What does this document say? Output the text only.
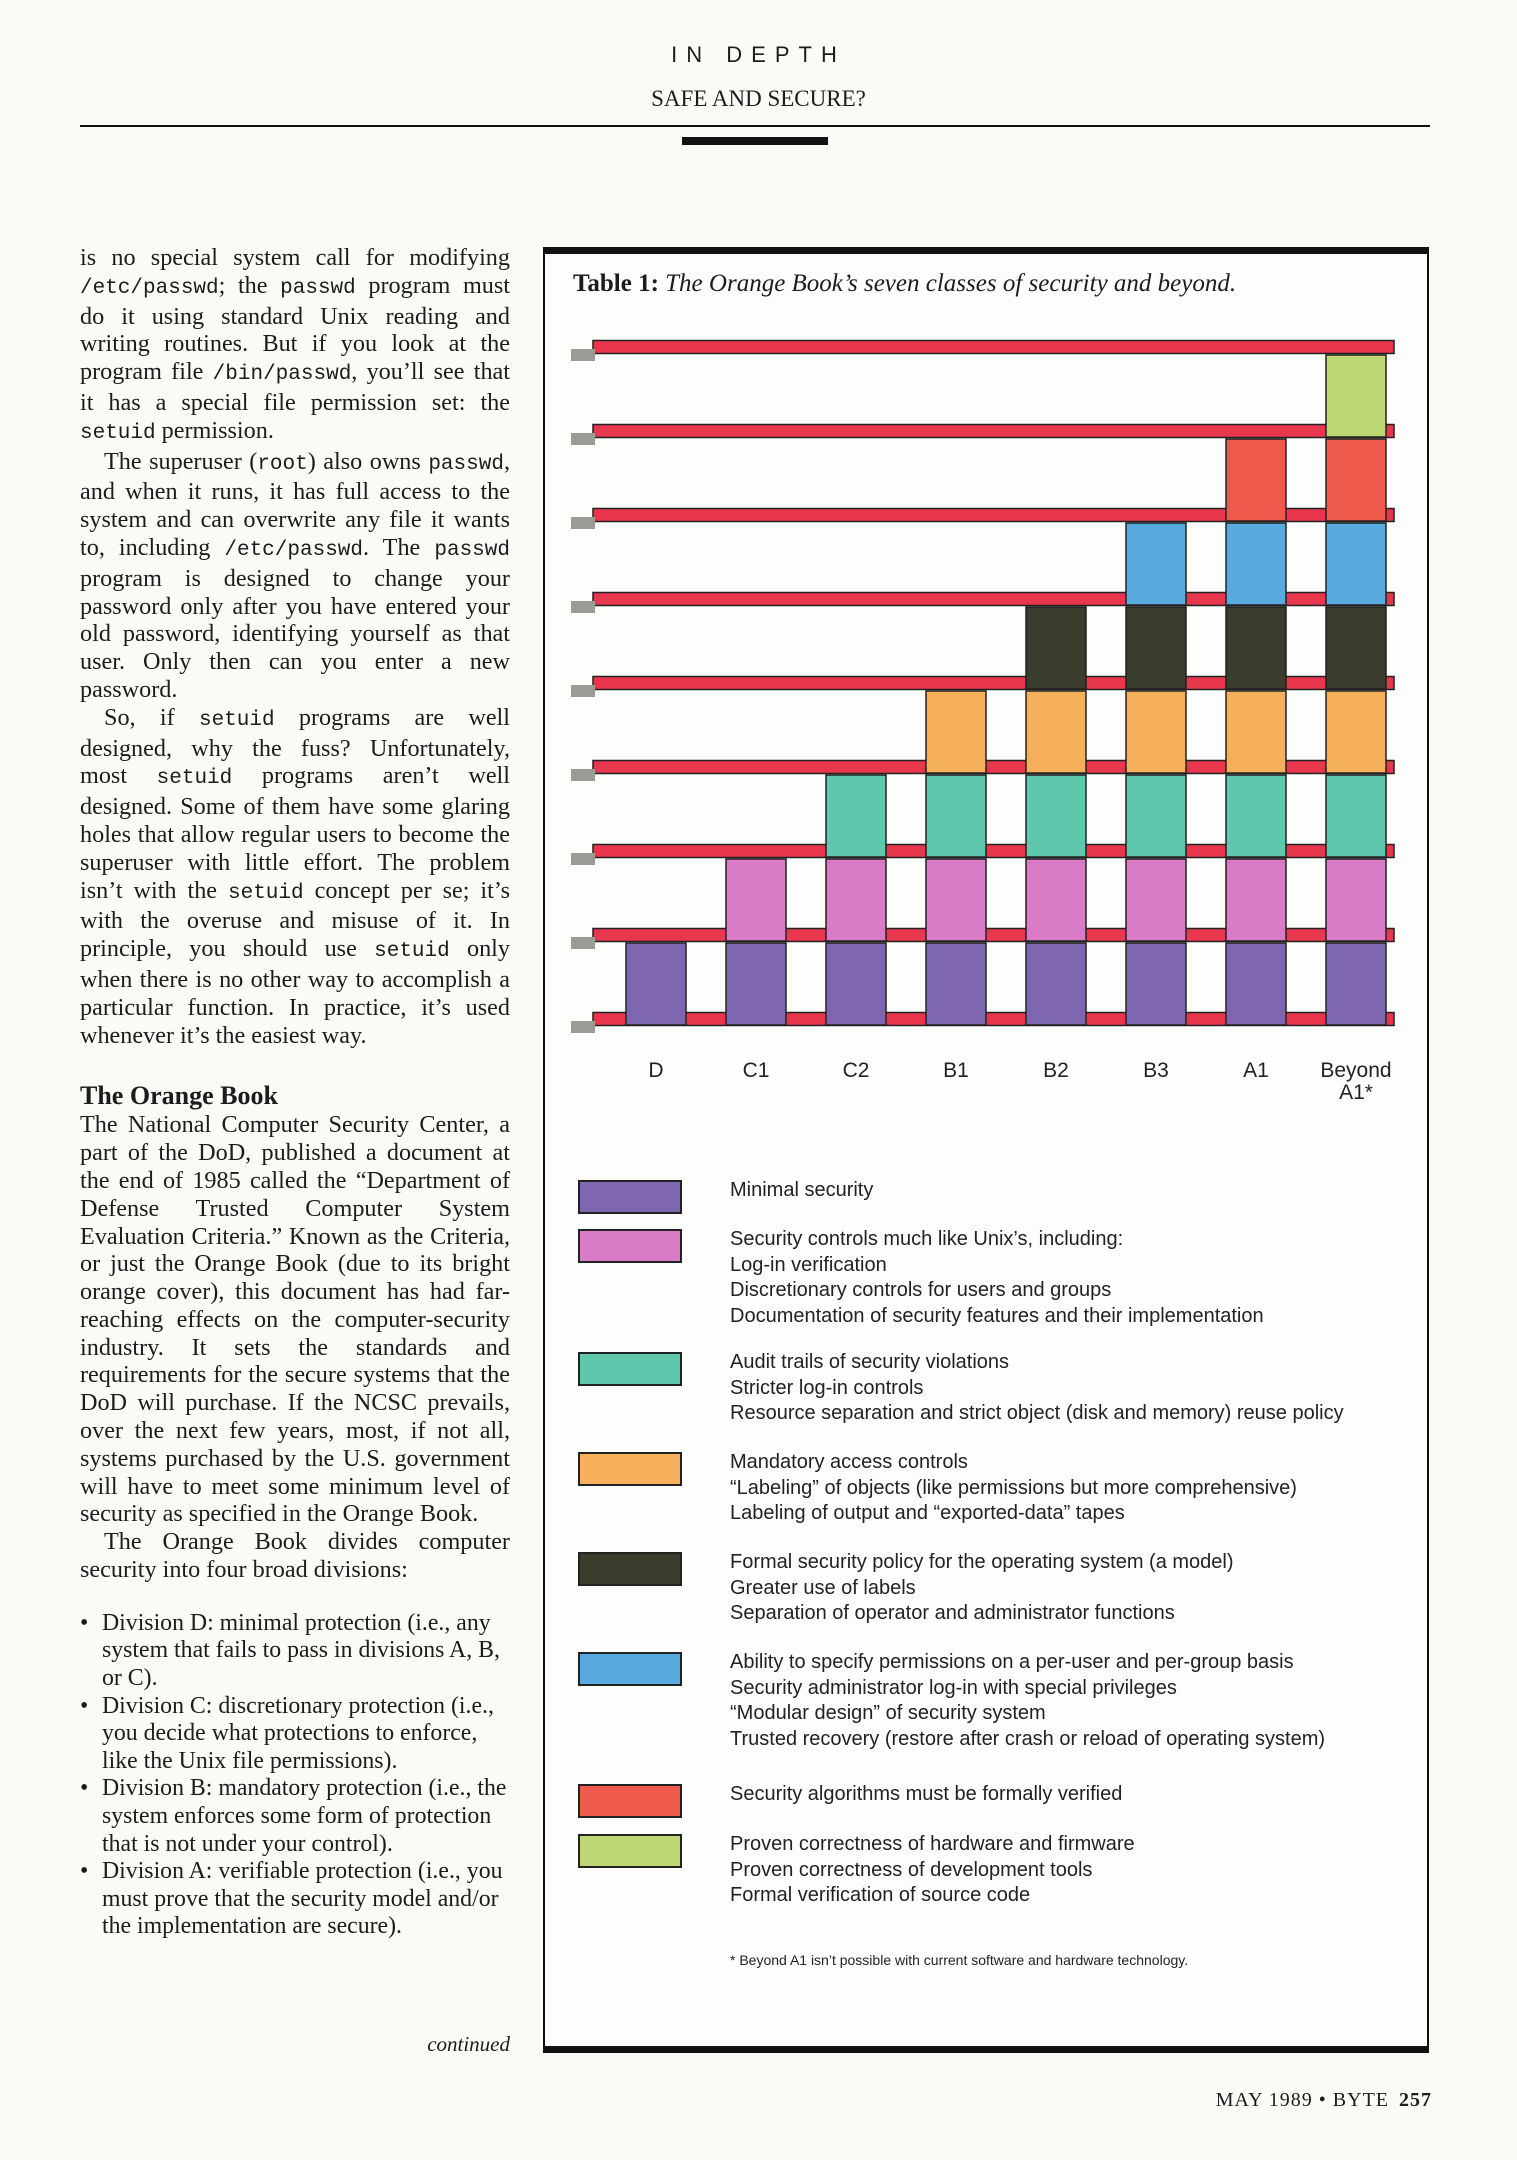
IN DEPTH
SAFE AND SECURE?

is no special system call for modifying /etc/passwd; the passwd program must do it using standard Unix reading and writing routines. But if you look at the program file /bin/passwd, you’ll see that it has a special file permission set: the setuid permission.

The superuser (root) also owns passwd, and when it runs, it has full access to the system and can overwrite any file it wants to, including /etc/passwd. The passwd program is designed to change your password only after you have entered your old password, identifying yourself as that user. Only then can you enter a new password.

So, if setuid programs are well designed, why the fuss? Unfortunately, most setuid programs aren’t well designed. Some of them have some glaring holes that allow regular users to become the superuser with little effort. The problem isn’t with the setuid concept per se; it’s with the overuse and misuse of it. In principle, you should use setuid only when there is no other way to accomplish a particular function. In practice, it’s used whenever it’s the easiest way.

The Orange Book

The National Computer Security Center, a part of the DoD, published a document at the end of 1985 called the “Department of Defense Trusted Computer System Evaluation Criteria.” Known as the Criteria, or just the Orange Book (due to its bright orange cover), this document has had far-reaching effects on the computer-security industry. It sets the standards and requirements for the secure systems that the DoD will purchase. If the NCSC prevails, over the next few years, most, if not all, systems purchased by the U.S. government will have to meet some minimum level of security as specified in the Orange Book.

The Orange Book divides computer security into four broad divisions:

• Division D: minimal protection (i.e., any system that fails to pass in divisions A, B, or C).
• Division C: discretionary protection (i.e., you decide what protections to enforce, like the Unix file permissions).
• Division B: mandatory protection (i.e., the system enforces some form of protection that is not under your control).
• Division A: verifiable protection (i.e., you must prove that the security model and/or the implementation are secure).
continued
Table 1: The Orange Book’s seven classes of security and beyond.
D	C1	C2	B1	B2	B3	A1 Beyond
A1*
Minimal security
Security controls much like Unix’s, including:
Log-in verification
Discretionary controls for users and groups
Documentation of security features and their implementation
Audit trails of security violations
Stricter log-in controls
Resource separation and strict object (disk and memory) reuse policy
Mandatory access controls
“Labeling” of objects (like permissions but more comprehensive)
Labeling of output and “exported-data” tapes
Formal security policy for the operating system (a model)
Greater use of labels
Separation of operator and administrator functions
Ability to specify permissions on a per-user and per-group basis
Security administrator log-in with special privileges
“Modular design” of security system
Trusted recovery (restore after crash or reload of operating system)
Security algorithms must be formally verified
Proven correctness of hardware and firmware
Proven correctness of development tools
Formal verification of source code
* Beyond A1 isn’t possible with current software and hardware technology.
MAY 1989 • BYTE 257
